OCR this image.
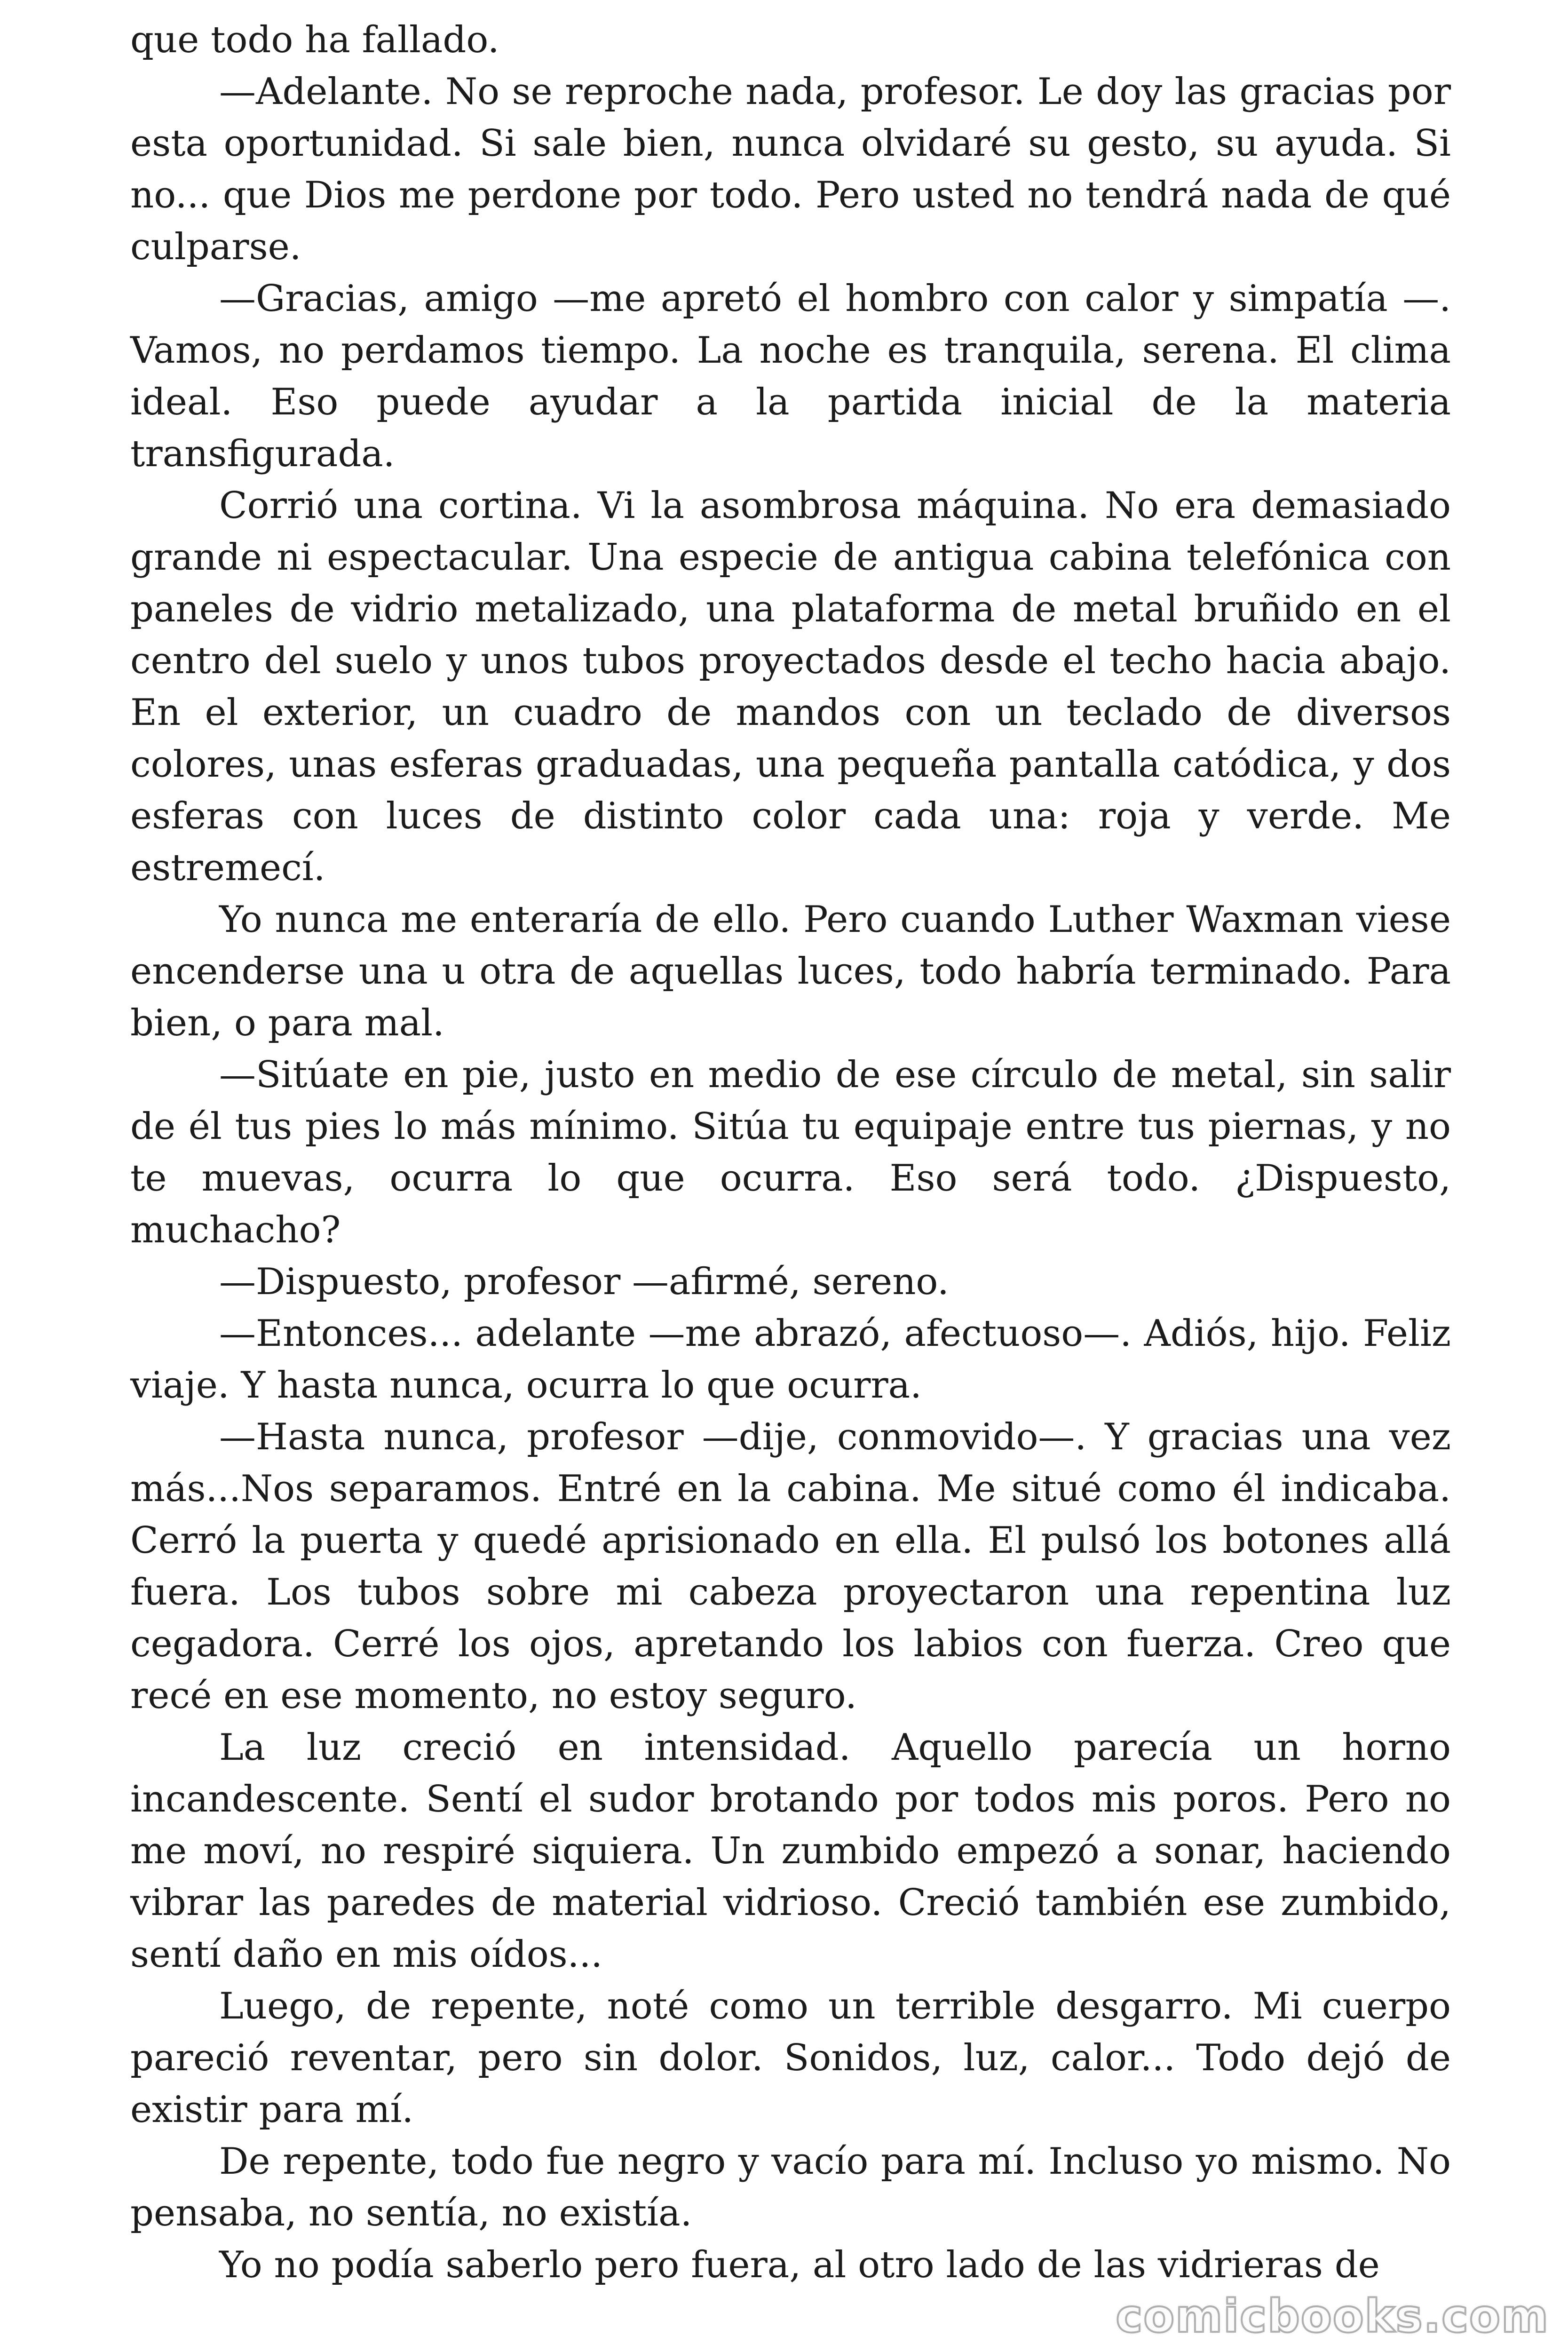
que todo ha fallado.

—Adelante. No se reproche nada, profesor. Le doy las gracias por esta oportunidad. Si sale bien, nunca olvidaré su gesto, su ayuda. Si no... que Dios me perdone por todo. Pero usted no tendrá nada de qué culparse.

—Gracias, amigo —me apretó el hombro con calor y simpatía —. Vamos, no perdamos tiempo. La noche es tranquila, serena. El clima ideal. Eso puede ayudar a la partida inicial de la materia transfigurada.

Corrió una cortina. Vi la asombrosa máquina. No era demasiado grande ni espectacular. Una especie de antigua cabina telefónica con paneles de vidrio metalizado, una plataforma de metal bruñido en el centro del suelo y unos tubos proyectados desde el techo hacia abajo. En el exterior, un cuadro de mandos con un teclado de diversos colores, unas esferas graduadas, una pequeña pantalla catódica, y dos esferas con luces de distinto color cada una: roja y verde. Me estremecí.

Yo nunca me enteraría de ello. Pero cuando Luther Waxman viese encenderse una u otra de aquellas luces, todo habría terminado. Para bien, o para mal.

—Sitúate en pie, justo en medio de ese círculo de metal, sin salir de él tus pies lo más mínimo. Sitúa tu equipaje entre tus piernas, y no te muevas, ocurra lo que ocurra. Eso será todo. ¿Dispuesto, muchacho?

—Dispuesto, profesor —afirmé, sereno.

—Entonces... adelante —me abrazó, afectuoso—. Adiós, hijo. Feliz viaje. Y hasta nunca, ocurra lo que ocurra.

—Hasta nunca, profesor —dije, conmovido—. Y gracias una vez más...Nos separamos. Entré en la cabina. Me situé como él indicaba. Cerró la puerta y quedé aprisionado en ella. El pulsó los botones allá fuera. Los tubos sobre mi cabeza proyectaron una repentina luz cegadora. Cerré los ojos, apretando los labios con fuerza. Creo que recé en ese momento, no estoy seguro.

La luz creció en intensidad. Aquello parecía un horno incandescente. Sentí el sudor brotando por todos mis poros. Pero no me moví, no respiré siquiera. Un zumbido empezó a sonar, haciendo vibrar las paredes de material vidrioso. Creció también ese zumbido, sentí daño en mis oídos...

Luego, de repente, noté como un terrible desgarro. Mi cuerpo pareció reventar, pero sin dolor. Sonidos, luz, calor... Todo dejó de existir para mí.

De repente, todo fue negro y vacío para mí. Incluso yo mismo. No pensaba, no sentía, no existía.

Yo no podía saberlo pero fuera, al otro lado de las vidrieras de

comicbooks.com
